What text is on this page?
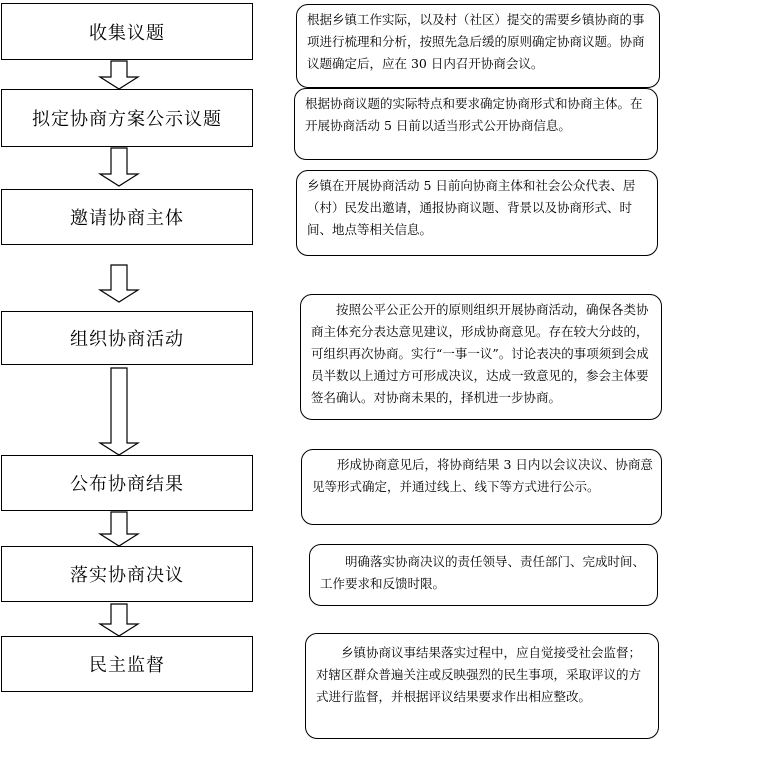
收集议题
拟定协商方案公示议题
邀请协商主体
组织协商活动
公布协商结果
落实协商决议
民主监督
根据乡镇工作实际，以及村（社区）提交的需要乡镇协商的事项进行梳理和分析，按照先急后缓的原则确定协商议题。协商议题确定后，应在 30 日内召开协商会议。
根据协商议题的实际特点和要求确定协商形式和协商主体。在开展协商活动 5 日前以适当形式公开协商信息。
乡镇在开展协商活动 5 日前向协商主体和社会公众代表、居（村）民发出邀请，通报协商议题、背景以及协商形式、时间、地点等相关信息。
按照公平公正公开的原则组织开展协商活动，确保各类协商主体充分表达意见建议，形成协商意见。存在较大分歧的，可组织再次协商。实行“一事一议”。讨论表决的事项须到会成员半数以上通过方可形成决议，达成一致意见的，参会主体要签名确认。对协商未果的，择机进一步协商。
形成协商意见后，将协商结果 3 日内以会议决议、协商意见等形式确定，并通过线上、线下等方式进行公示。
明确落实协商决议的责任领导、责任部门、完成时间、工作要求和反馈时限。
乡镇协商议事结果落实过程中，应自觉接受社会监督；对辖区群众普遍关注或反映强烈的民生事项，采取评议的方式进行监督，并根据评议结果要求作出相应整改。
